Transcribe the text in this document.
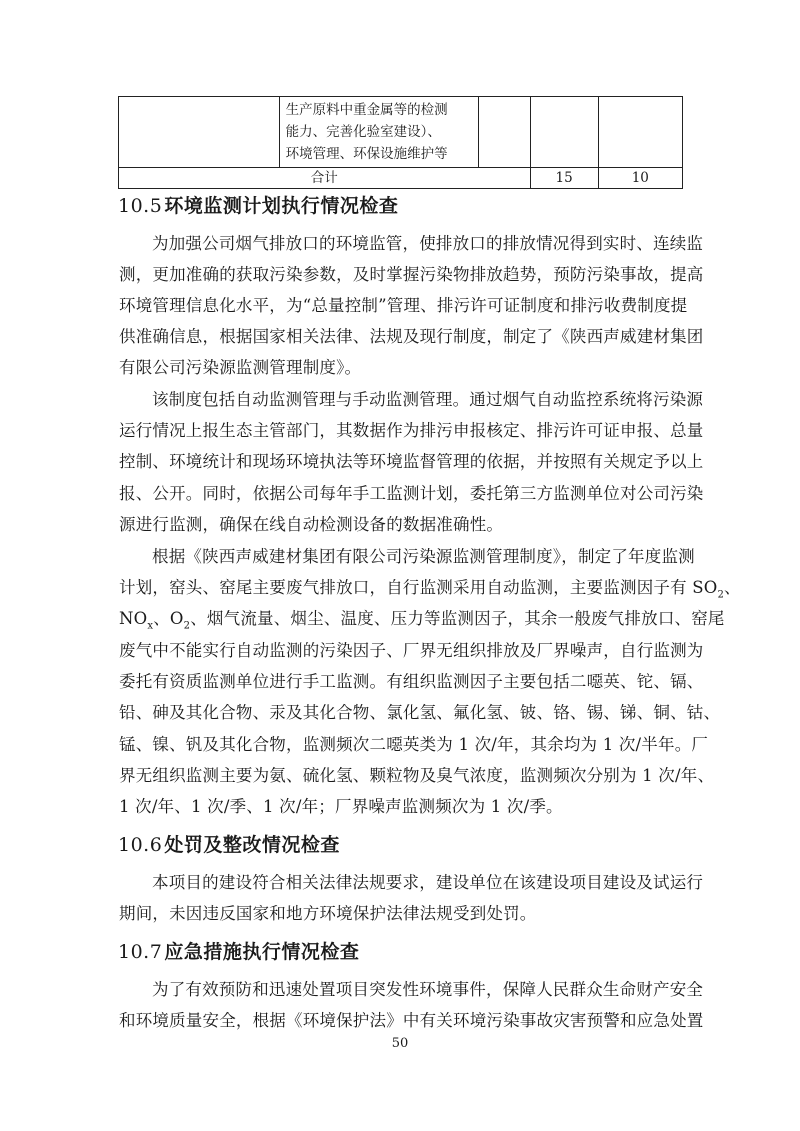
	生产原料中重金属等的检测
能力、完善化验室建设）、
环境管理、环保设施维护等			

合计			15	10
10.5 环境监测计划执行情况检查
为加强公司烟气排放口的环境监管，使排放口的排放情况得到实时、连续监
测，更加准确的获取污染参数，及时掌握污染物排放趋势，预防污染事故，提高
环境管理信息化水平，为“总量控制”管理、排污许可证制度和排污收费制度提
供准确信息，根据国家相关法律、法规及现行制度，制定了《陕西声威建材集团
有限公司污染源监测管理制度》。
该制度包括自动监测管理与手动监测管理。通过烟气自动监控系统将污染源
运行情况上报生态主管部门，其数据作为排污申报核定、排污许可证申报、总量
控制、环境统计和现场环境执法等环境监督管理的依据，并按照有关规定予以上
报、公开。同时，依据公司每年手工监测计划，委托第三方监测单位对公司污染
源进行监测，确保在线自动检测设备的数据准确性。
根据《陕西声威建材集团有限公司污染源监测管理制度》，制定了年度监测
计划，窑头、窑尾主要废气排放口，自行监测采用自动监测，主要监测因子有 $SO_2$、
$NO_x$、$O_2$、烟气流量、烟尘、温度、压力等监测因子，其余一般废气排放口、窑尾
废气中不能实行自动监测的污染因子、厂界无组织排放及厂界噪声，自行监测为
委托有资质监测单位进行手工监测。有组织监测因子主要包括二噁英、铊、镉、
铅、砷及其化合物、汞及其化合物、氯化氢、氟化氢、铍、铬、锡、锑、铜、钴、
锰、镍、钒及其化合物，监测频次二噁英类为 1 次/年，其余均为 1 次/半年。厂
界无组织监测主要为氨、硫化氢、颗粒物及臭气浓度，监测频次分别为 1 次/年、
1 次/年、1 次/季、1 次/年；厂界噪声监测频次为 1 次/季。
10.6 处罚及整改情况检查
本项目的建设符合相关法律法规要求，建设单位在该建设项目建设及试运行
期间，未因违反国家和地方环境保护法律法规受到处罚。
10.7 应急措施执行情况检查
为了有效预防和迅速处置项目突发性环境事件，保障人民群众生命财产安全
和环境质量安全，根据《环境保护法》中有关环境污染事故灾害预警和应急处置
50
